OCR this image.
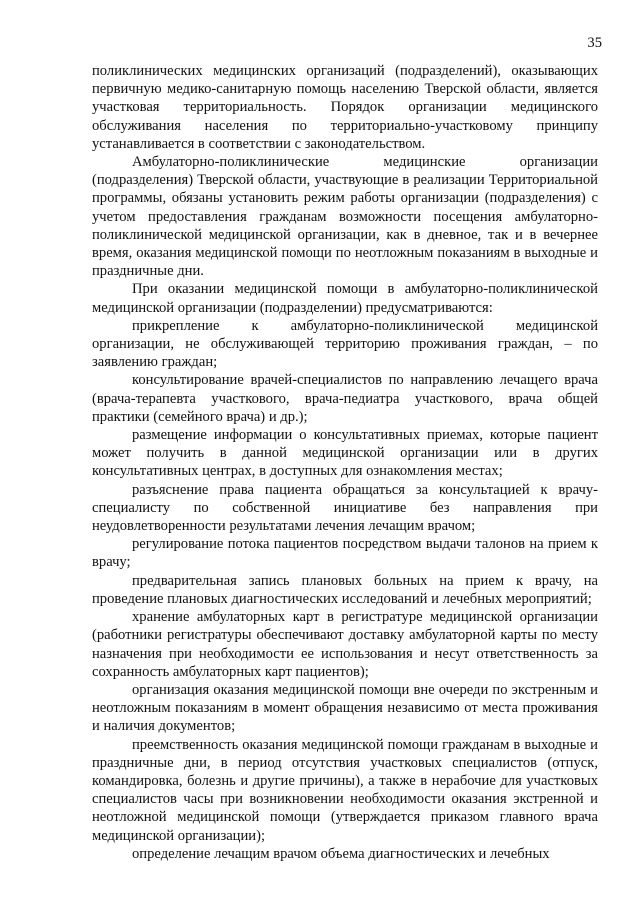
35

поликлинических медицинских организаций (подразделений), оказывающих первичную медико-санитарную помощь населению Тверской области, является участковая территориальность. Порядок организации медицинского обслуживания населения по территориально-участковому принципу устанавливается в соответствии с законодательством.

Амбулаторно-поликлинические медицинские организации (подразделения) Тверской области, участвующие в реализации Территориальной программы, обязаны установить режим работы организации (подразделения) с учетом предоставления гражданам возможности посещения амбулаторно-поликлинической медицинской организации, как в дневное, так и в вечернее время, оказания медицинской помощи по неотложным показаниям в выходные и праздничные дни.

При оказании медицинской помощи в амбулаторно-поликлинической медицинской организации (подразделении) предусматриваются:

прикрепление к амбулаторно-поликлинической медицинской организации, не обслуживающей территорию проживания граждан, – по заявлению граждан;

консультирование врачей-специалистов по направлению лечащего врача (врача-терапевта участкового, врача-педиатра участкового, врача общей практики (семейного врача) и др.);

размещение информации о консультативных приемах, которые пациент может получить в данной медицинской организации или в других консультативных центрах, в доступных для ознакомления местах;

разъяснение права пациента обращаться за консультацией к врачу-специалисту по собственной инициативе без направления при неудовлетворенности результатами лечения лечащим врачом;

регулирование потока пациентов посредством выдачи талонов на прием к врачу;

предварительная запись плановых больных на прием к врачу, на проведение плановых диагностических исследований и лечебных мероприятий;

хранение амбулаторных карт в регистратуре медицинской организации (работники регистратуры обеспечивают доставку амбулаторной карты по месту назначения при необходимости ее использования и несут ответственность за сохранность амбулаторных карт пациентов);

организация оказания медицинской помощи вне очереди по экстренным и неотложным показаниям в момент обращения независимо от места проживания и наличия документов;

преемственность оказания медицинской помощи гражданам в выходные и праздничные дни, в период отсутствия участковых специалистов (отпуск, командировка, болезнь и другие причины), а также в нерабочие для участковых специалистов часы при возникновении необходимости оказания экстренной и неотложной медицинской помощи (утверждается приказом главного врача медицинской организации);

определение лечащим врачом объема диагностических и лечебных
